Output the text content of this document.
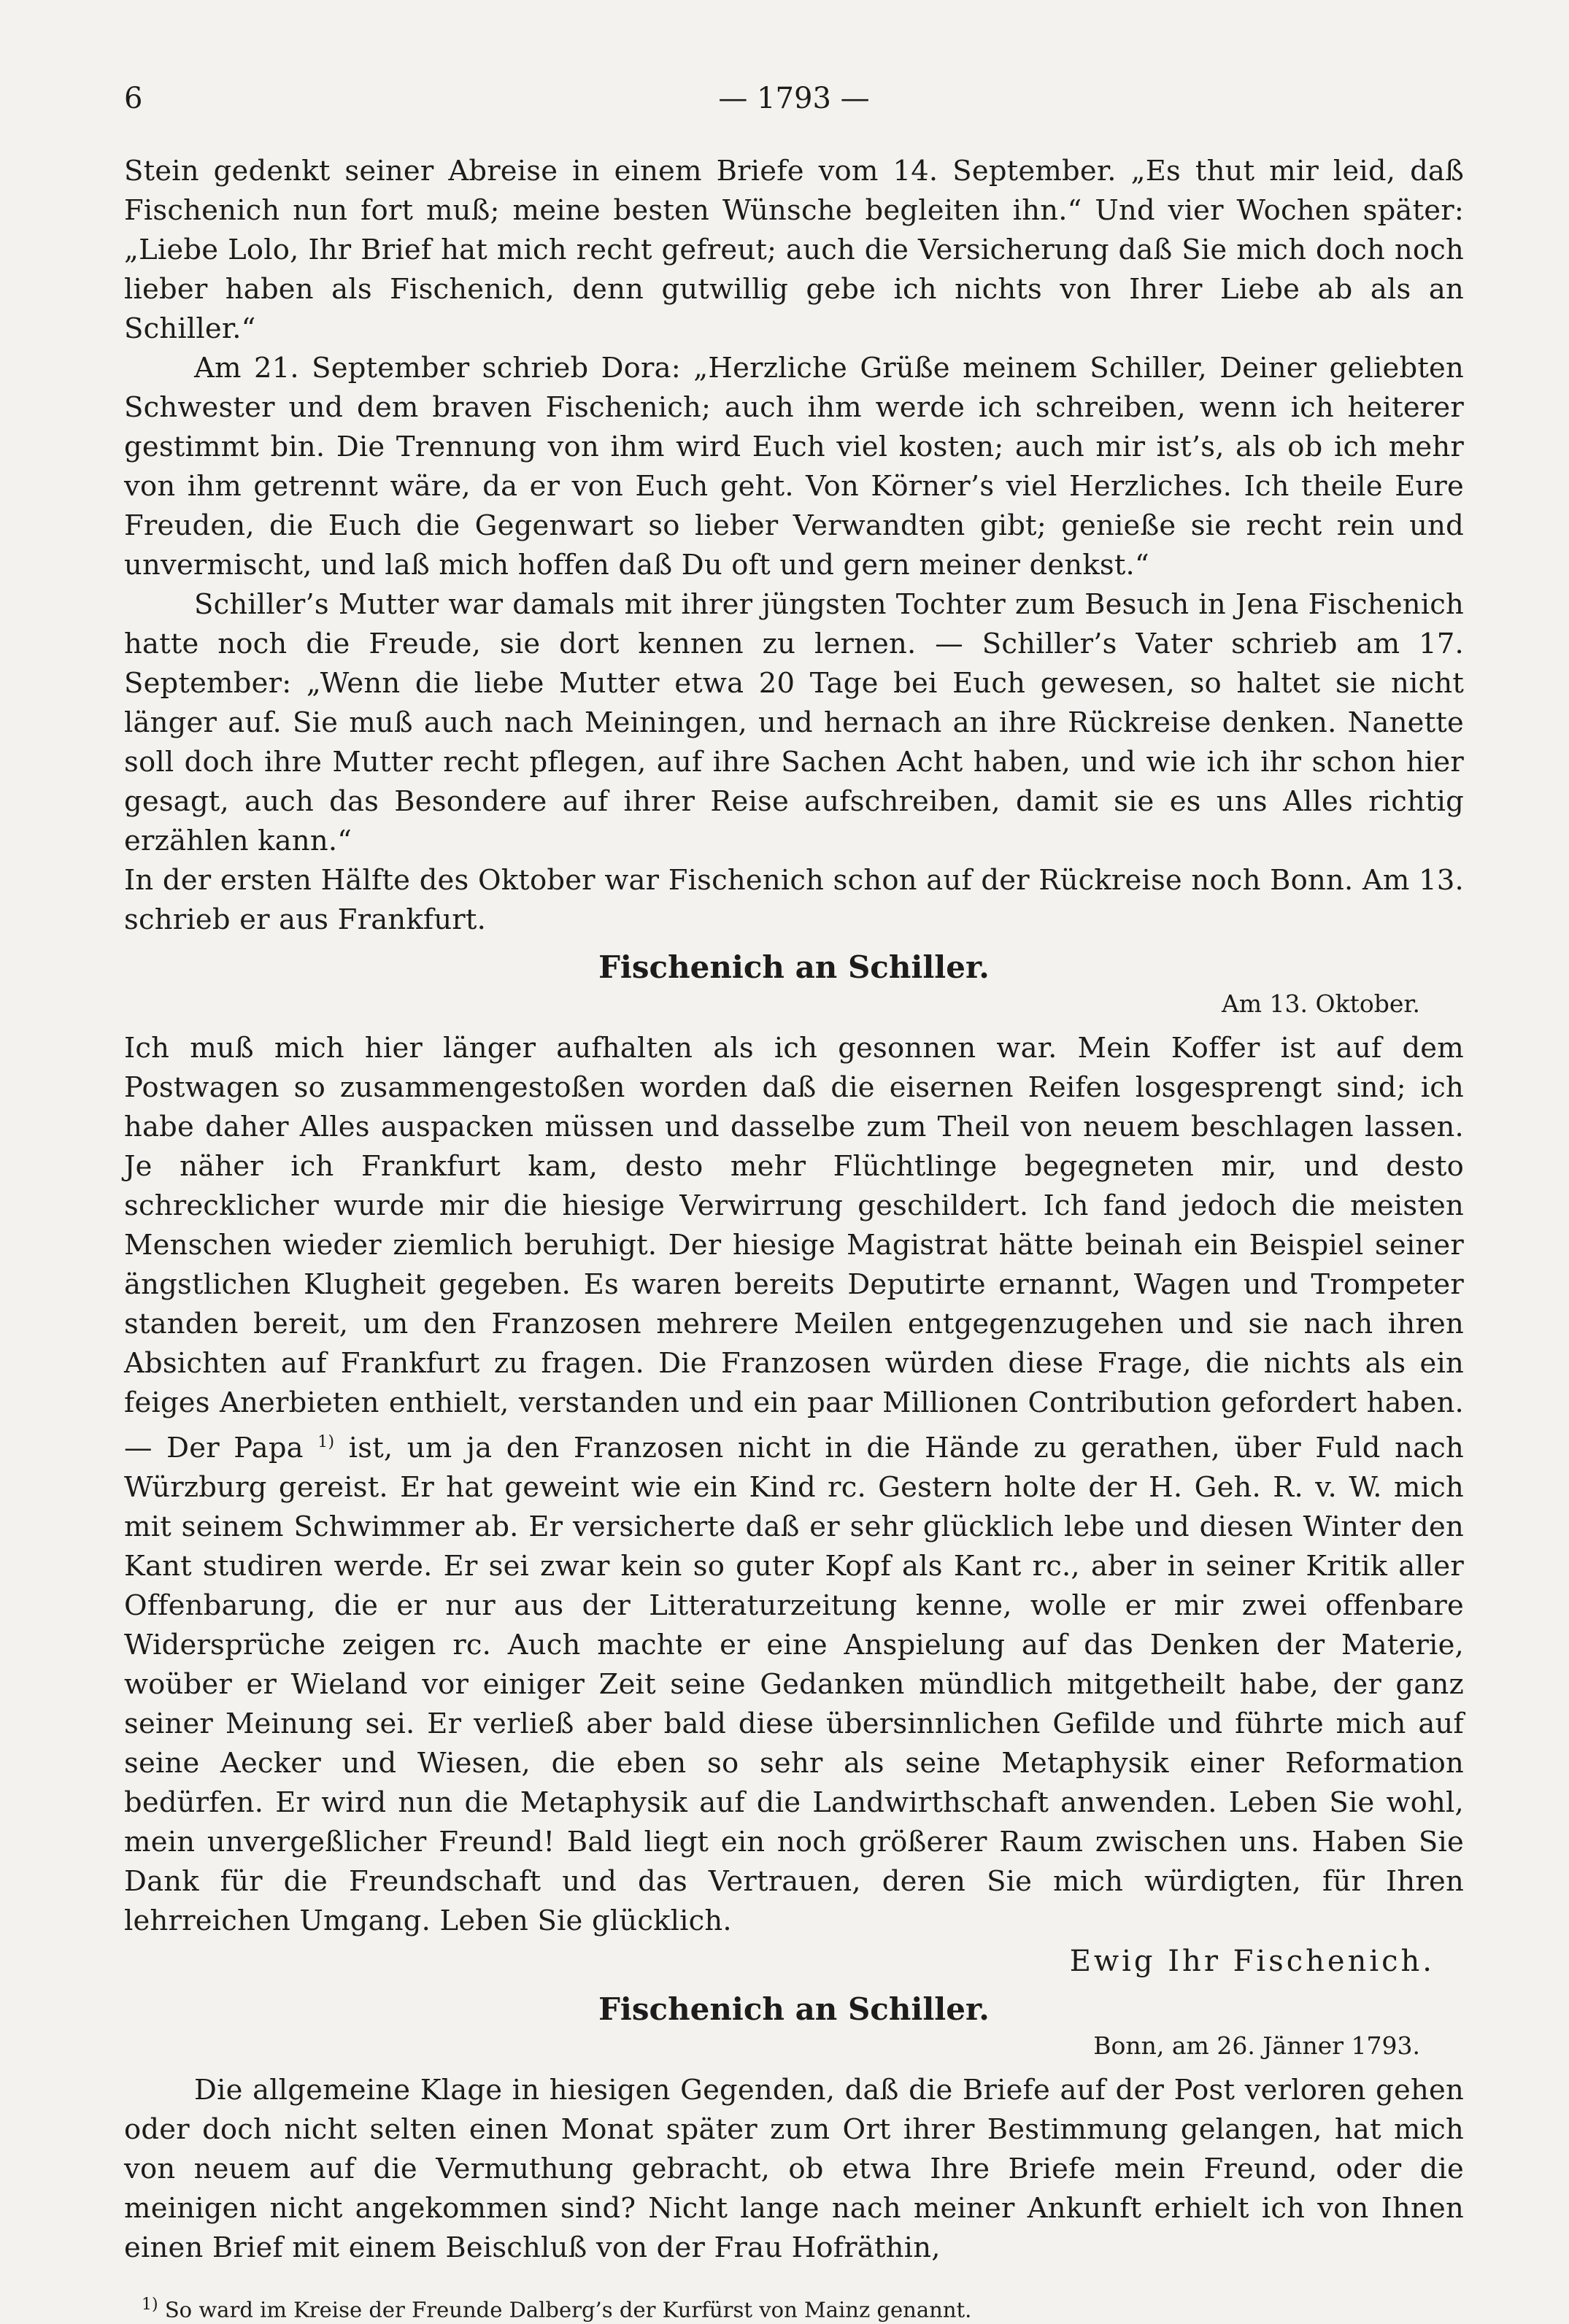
6	— 1793 —

Stein gedenkt seiner Abreise in einem Briefe vom 14. September. „Es thut mir leid, daß Fischenich nun fort muß; meine besten Wünsche begleiten ihn.“ Und vier Wochen später: „Liebe Lolo, Ihr Brief hat mich recht gefreut; auch die Versicherung daß Sie mich doch noch lieber haben als Fischenich, denn gutwillig gebe ich nichts von Ihrer Liebe ab als an Schiller.“

Am 21. September schrieb Dora: „Herzliche Grüße meinem Schiller, Deiner geliebten Schwester und dem braven Fischenich; auch ihm werde ich schreiben, wenn ich heiterer gestimmt bin. Die Trennung von ihm wird Euch viel kosten; auch mir ist’s, als ob ich mehr von ihm getrennt wäre, da er von Euch geht. Von Körner’s viel Herzliches. Ich theile Eure Freuden, die Euch die Gegenwart so lieber Verwandten gibt; genieße sie recht rein und unvermischt, und laß mich hoffen daß Du oft und gern meiner denkst.“

Schiller’s Mutter war damals mit ihrer jüngsten Tochter zum Besuch in Jena Fischenich hatte noch die Freude, sie dort kennen zu lernen. — Schiller’s Vater schrieb am 17. September: „Wenn die liebe Mutter etwa 20 Tage bei Euch gewesen, so haltet sie nicht länger auf. Sie muß auch nach Meiningen, und hernach an ihre Rückreise denken. Nanette soll doch ihre Mutter recht pflegen, auf ihre Sachen Acht haben, und wie ich ihr schon hier gesagt, auch das Besondere auf ihrer Reise aufschreiben, damit sie es uns Alles richtig erzählen kann.“

In der ersten Hälfte des Oktober war Fischenich schon auf der Rückreise noch Bonn. Am 13. schrieb er aus Frankfurt.

Fischenich an Schiller.
Am 13. Oktober.

Ich muß mich hier länger aufhalten als ich gesonnen war. Mein Koffer ist auf dem Postwagen so zusammengestoßen worden daß die eisernen Reifen losgesprengt sind; ich habe daher Alles auspacken müssen und dasselbe zum Theil von neuem beschlagen lassen. Je näher ich Frankfurt kam, desto mehr Flüchtlinge begegneten mir, und desto schrecklicher wurde mir die hiesige Verwirrung geschildert. Ich fand jedoch die meisten Menschen wieder ziemlich beruhigt. Der hiesige Magistrat hätte beinah ein Beispiel seiner ängstlichen Klugheit gegeben. Es waren bereits Deputirte ernannt, Wagen und Trompeter standen bereit, um den Franzosen mehrere Meilen entgegenzugehen und sie nach ihren Absichten auf Frankfurt zu fragen. Die Franzosen würden diese Frage, die nichts als ein feiges Anerbieten enthielt, verstanden und ein paar Millionen Contribution gefordert haben. — Der Papa $^{1)}$ ist, um ja den Franzosen nicht in die Hände zu gerathen, über Fuld nach Würzburg gereist. Er hat geweint wie ein Kind rc. Gestern holte der H. Geh. R. v. W. mich mit seinem Schwimmer ab. Er versicherte daß er sehr glücklich lebe und diesen Winter den Kant studiren werde. Er sei zwar kein so guter Kopf als Kant rc., aber in seiner Kritik aller Offenbarung, die er nur aus der Litteraturzeitung kenne, wolle er mir zwei offenbare Widersprüche zeigen rc. Auch machte er eine Anspielung auf das Denken der Materie, woüber er Wieland vor einiger Zeit seine Gedanken mündlich mitgetheilt habe, der ganz seiner Meinung sei. Er verließ aber bald diese übersinnlichen Gefilde und führte mich auf seine Aecker und Wiesen, die eben so sehr als seine Metaphysik einer Reformation bedürfen. Er wird nun die Metaphysik auf die Landwirthschaft anwenden. Leben Sie wohl, mein unvergeßlicher Freund! Bald liegt ein noch größerer Raum zwischen uns. Haben Sie Dank für die Freundschaft und das Vertrauen, deren Sie mich würdigten, für Ihren lehrreichen Umgang. Leben Sie glücklich.

Ewig Ihr Fischenich.
Fischenich an Schiller.
Bonn, am 26. Jänner 1793.

Die allgemeine Klage in hiesigen Gegenden, daß die Briefe auf der Post verloren gehen oder doch nicht selten einen Monat später zum Ort ihrer Bestimmung gelangen, hat mich von neuem auf die Vermuthung gebracht, ob etwa Ihre Briefe mein Freund, oder die meinigen nicht angekommen sind? Nicht lange nach meiner Ankunft erhielt ich von Ihnen einen Brief mit einem Beischluß von der Frau Hofräthin,

$^{1)}$ So ward im Kreise der Freunde Dalberg’s der Kurfürst von Mainz genannt.
